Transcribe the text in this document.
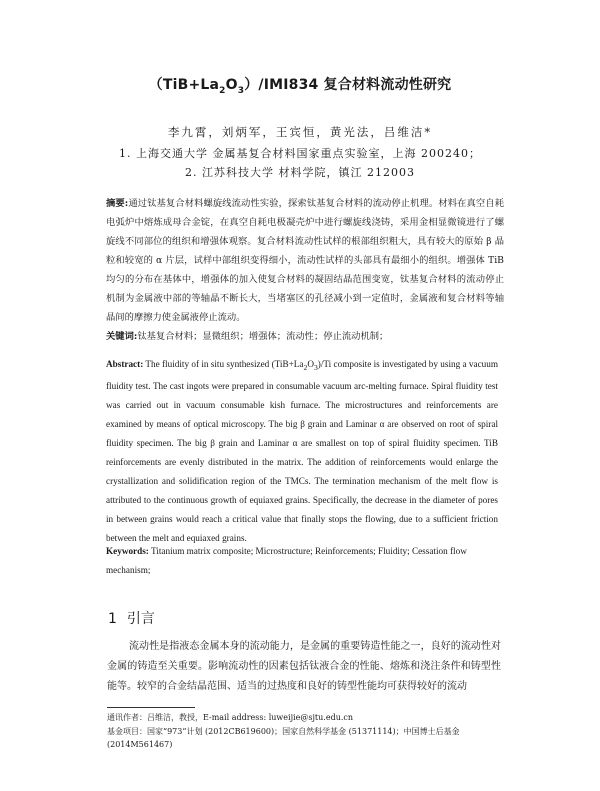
$(TiB+La_2O_3)/IMI834$ 复合材料流动性研究
李九霄，刘炳军，王宾恒，黄光法，吕维洁*
1. 上海交通大学 金属基复合材料国家重点实验室，上海 200240；
2. 江苏科技大学 材料学院，镇江 212003
摘要:通过钛基复合材料螺旋线流动性实验，探索钛基复合材料的流动停止机理。材料在真空自耗电弧炉中熔炼成母合金锭，在真空自耗电极凝壳炉中进行螺旋线浇铸，采用金相显微镜进行了螺旋线不同部位的组织和增强体观察。复合材料流动性试样的根部组织粗大，具有较大的原始 β 晶粒和较宽的 α 片层，试样中部组织变得细小，流动性试样的头部具有最细小的组织。增强体 TiB 均匀的分布在基体中，增强体的加入使复合材料的凝固结晶范围变宽，钛基复合材料的流动停止机制为金属液中部的等轴晶不断长大，当堵塞区的孔径减小到一定值时，金属液和复合材料等轴晶间的摩擦力使金属液停止流动。
关键词:钛基复合材料；显微组织；增强体；流动性；停止流动机制；
Abstract: The fluidity of in situ synthesized $(TiB+La_2O_3)/Ti$ composite is investigated by using a vacuum fluidity test. The cast ingots were prepared in consumable vacuum arc-melting furnace. Spiral fluidity test was carried out in vacuum consumable kish furnace. The microstructures and reinforcements are examined by means of optical microscopy. The big β grain and Laminar α are observed on root of spiral fluidity specimen. The big β grain and Laminar α are smallest on top of spiral fluidity specimen. TiB reinforcements are evenly distributed in the matrix. The addition of reinforcements would enlarge the crystallization and solidification region of the TMCs. The termination mechanism of the melt flow is attributed to the continuous growth of equiaxed grains. Specifically, the decrease in the diameter of pores in between grains would reach a critical value that finally stops the flowing, due to a sufficient friction between the melt and equiaxed grains.
Keywords: Titanium matrix composite; Microstructure; Reinforcements; Fluidity; Cessation flow mechanism;
1 引言
流动性是指液态金属本身的流动能力，是金属的重要铸造性能之一，良好的流动性对金属的铸造至关重要。影响流动性的因素包括钛液合金的性能、熔炼和浇注条件和铸型性能等。较窄的合金结晶范围、适当的过热度和良好的铸型性能均可获得较好的流动
通讯作者：吕维洁，教授，E-mail address: luweijie@sjtu.edu.cn
基金项目：国家“973”计划 (2012CB619600)；国家自然科学基金 (51371114)；中国博士后基金
(2014M561467)
